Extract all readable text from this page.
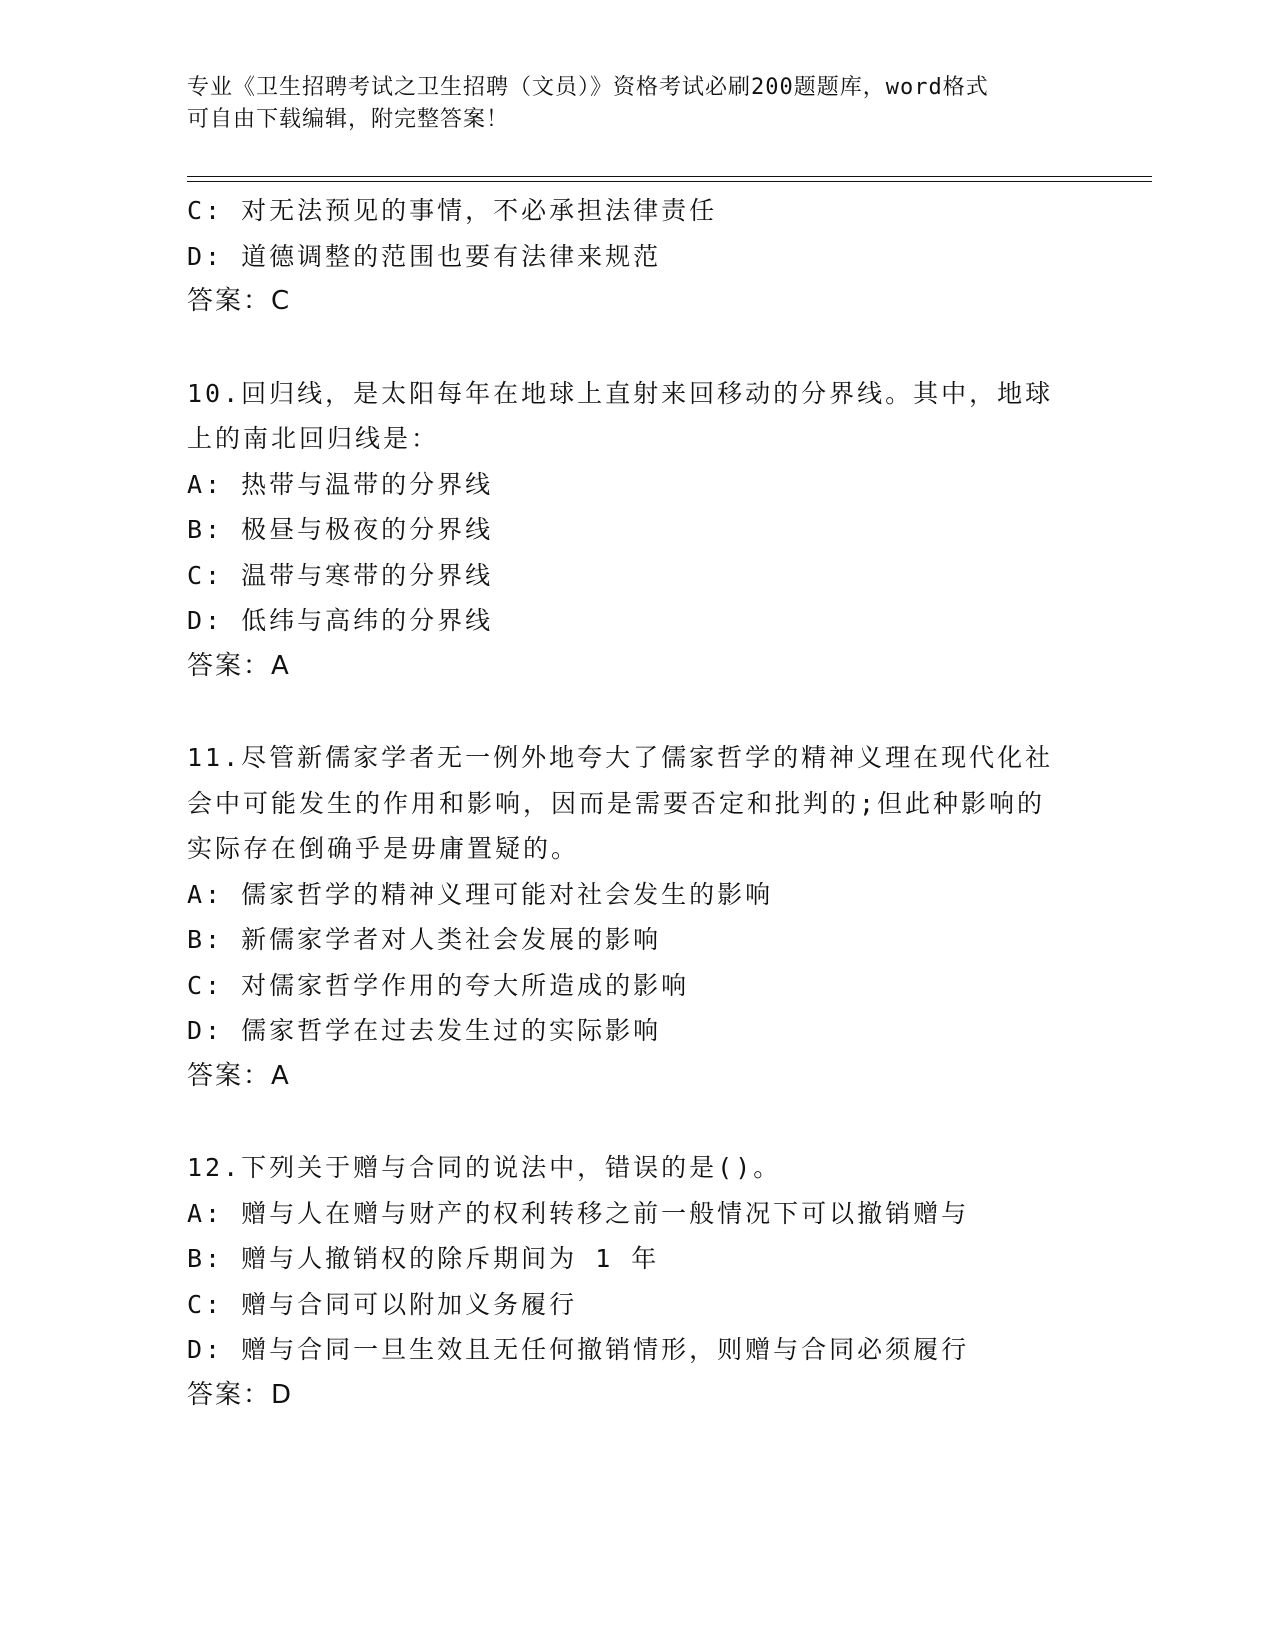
专业《卫生招聘考试之卫生招聘（文员）》资格考试必刷200题题库，word格式
可自由下载编辑，附完整答案！
C: 对无法预见的事情，不必承担法律责任
D: 道德调整的范围也要有法律来规范
答案：C
10.回归线，是太阳每年在地球上直射来回移动的分界线。其中，地球
上的南北回归线是：
A: 热带与温带的分界线
B: 极昼与极夜的分界线
C: 温带与寒带的分界线
D: 低纬与高纬的分界线
答案：A
11.尽管新儒家学者无一例外地夸大了儒家哲学的精神义理在现代化社
会中可能发生的作用和影响，因而是需要否定和批判的;但此种影响的
实际存在倒确乎是毋庸置疑的。
A: 儒家哲学的精神义理可能对社会发生的影响
B: 新儒家学者对人类社会发展的影响
C: 对儒家哲学作用的夸大所造成的影响
D: 儒家哲学在过去发生过的实际影响
答案：A
12.下列关于赠与合同的说法中，错误的是()。
A: 赠与人在赠与财产的权利转移之前一般情况下可以撤销赠与
B: 赠与人撤销权的除斥期间为 1 年
C: 赠与合同可以附加义务履行
D: 赠与合同一旦生效且无任何撤销情形，则赠与合同必须履行
答案：D
